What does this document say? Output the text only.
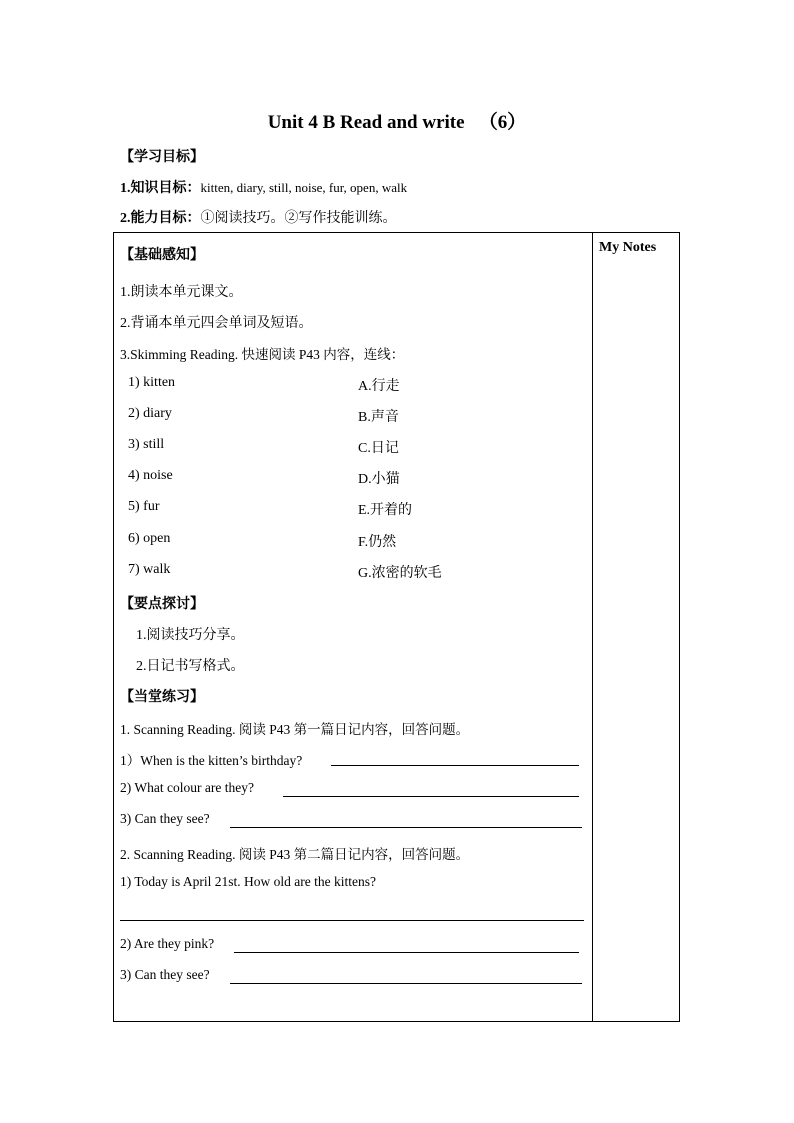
Unit 4 B Read and write 　（6）
【学习目标】
1.知识目标：kitten, diary, still, noise, fur, open, walk
2.能力目标：①阅读技巧。②写作技能训练。
My Notes
【基础感知】
1.朗读本单元课文。
2.背诵本单元四会单词及短语。
3.Skimming Reading. 快速阅读 P43 内容，连线：
1) kitten
2) diary
3) still
4) noise
5) fur
6) open
7) walk
A.行走
B.声音
C.日记
D.小猫
E.开着的
F.仍然
G.浓密的软毛
【要点探讨】
1.阅读技巧分享。
2.日记书写格式。
【当堂练习】
1. Scanning Reading. 阅读 P43 第一篇日记内容，回答问题。
1）When is the kitten’s birthday?
2) What colour are they?
3) Can they see?
2. Scanning Reading. 阅读 P43 第二篇日记内容，回答问题。
1) Today is April 21st. How old are the kittens?
2) Are they pink?
3) Can they see?
